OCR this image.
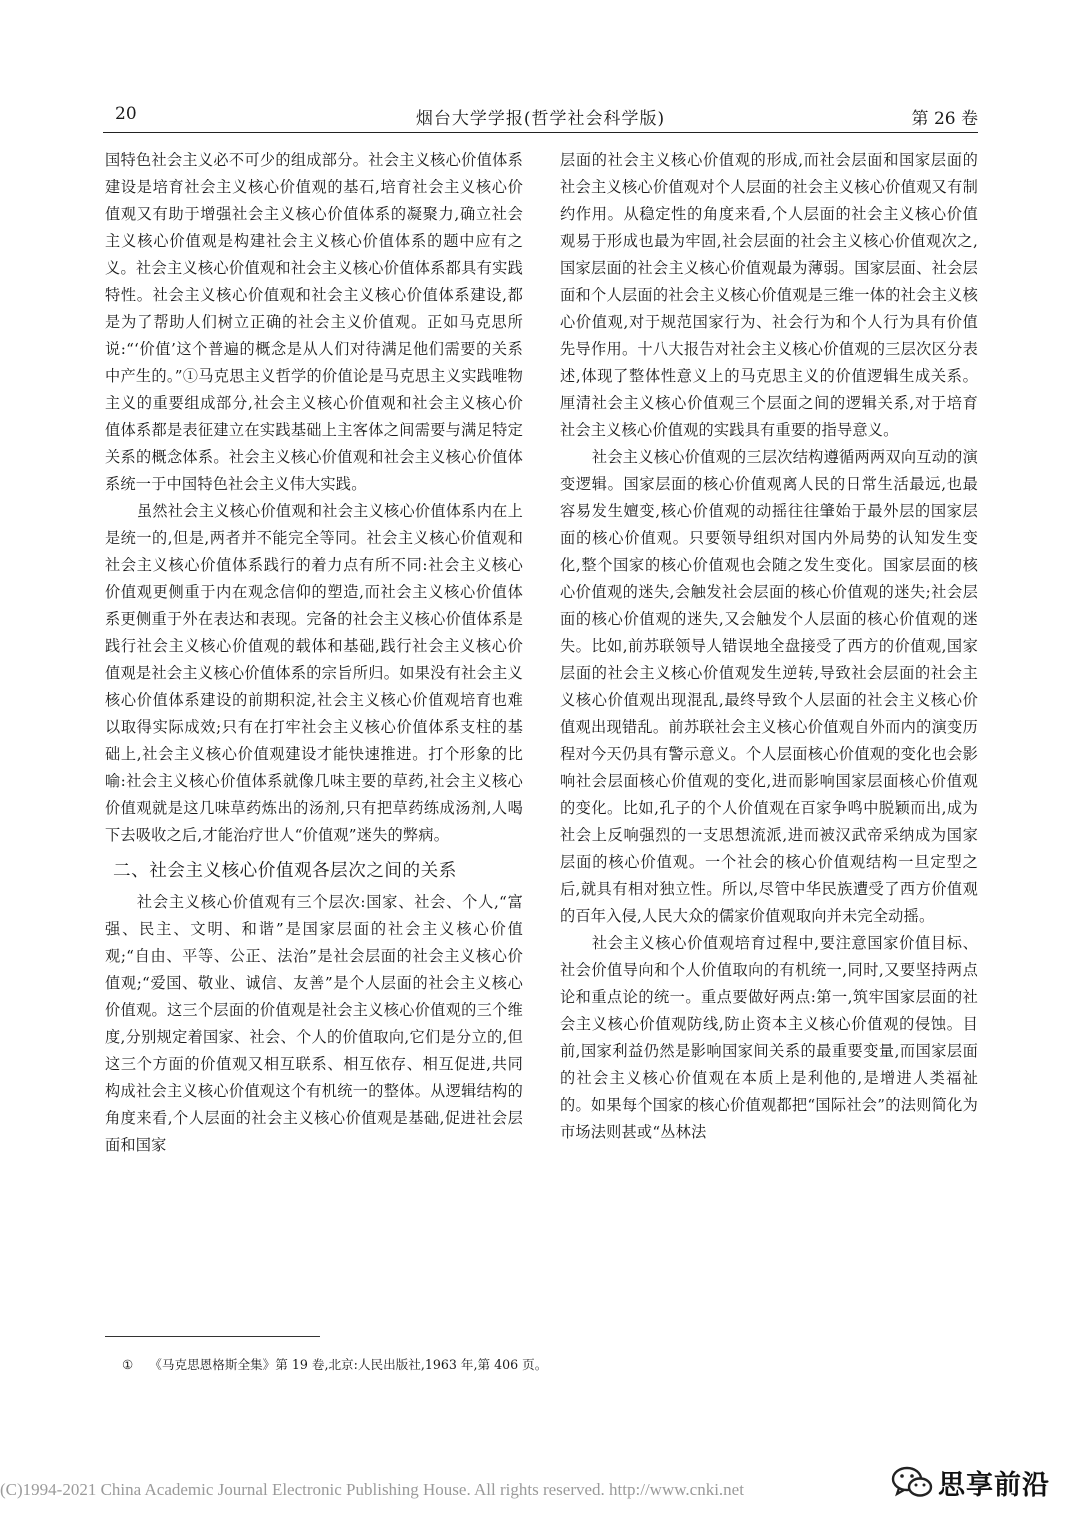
20	烟台大学学报(哲学社会科学版)	第 26 卷

国特色社会主义必不可少的组成部分。社会主义核心价值体系建设是培育社会主义核心价值观的基石,培育社会主义核心价值观又有助于增强社会主义核心价值体系的凝聚力,确立社会主义核心价值观是构建社会主义核心价值体系的题中应有之义。社会主义核心价值观和社会主义核心价值体系都具有实践特性。社会主义核心价值观和社会主义核心价值体系建设,都是为了帮助人们树立正确的社会主义价值观。正如马克思所说:“‘价值’这个普遍的概念是从人们对待满足他们需要的关系中产生的。”①马克思主义哲学的价值论是马克思主义实践唯物主义的重要组成部分,社会主义核心价值观和社会主义核心价值体系都是表征建立在实践基础上主客体之间需要与满足特定关系的概念体系。社会主义核心价值观和社会主义核心价值体系统一于中国特色社会主义伟大实践。

虽然社会主义核心价值观和社会主义核心价值体系内在上是统一的,但是,两者并不能完全等同。社会主义核心价值观和社会主义核心价值体系践行的着力点有所不同:社会主义核心价值观更侧重于内在观念信仰的塑造,而社会主义核心价值体系更侧重于外在表达和表现。完备的社会主义核心价值体系是践行社会主义核心价值观的载体和基础,践行社会主义核心价值观是社会主义核心价值体系的宗旨所归。如果没有社会主义核心价值体系建设的前期积淀,社会主义核心价值观培育也难以取得实际成效;只有在打牢社会主义核心价值体系支柱的基础上,社会主义核心价值观建设才能快速推进。打个形象的比喻:社会主义核心价值体系就像几味主要的草药,社会主义核心价值观就是这几味草药炼出的汤剂,只有把草药练成汤剂,人喝下去吸收之后,才能治疗世人“价值观”迷失的弊病。

二、社会主义核心价值观各层次之间的关系

社会主义核心价值观有三个层次:国家、社会、个人,“富强、民主、文明、和谐”是国家层面的社会主义核心价值观;“自由、平等、公正、法治”是社会层面的社会主义核心价值观;“爱国、敬业、诚信、友善”是个人层面的社会主义核心价值观。这三个层面的价值观是社会主义核心价值观的三个维度,分别规定着国家、社会、个人的价值取向,它们是分立的,但这三个方面的价值观又相互联系、相互依存、相互促进,共同构成社会主义核心价值观这个有机统一的整体。从逻辑结构的角度来看,个人层面的社会主义核心价值观是基础,促进社会层面和国家

层面的社会主义核心价值观的形成,而社会层面和国家层面的社会主义核心价值观对个人层面的社会主义核心价值观又有制约作用。从稳定性的角度来看,个人层面的社会主义核心价值观易于形成也最为牢固,社会层面的社会主义核心价值观次之,国家层面的社会主义核心价值观最为薄弱。国家层面、社会层面和个人层面的社会主义核心价值观是三维一体的社会主义核心价值观,对于规范国家行为、社会行为和个人行为具有价值先导作用。十八大报告对社会主义核心价值观的三层次区分表述,体现了整体性意义上的马克思主义的价值逻辑生成关系。厘清社会主义核心价值观三个层面之间的逻辑关系,对于培育社会主义核心价值观的实践具有重要的指导意义。

社会主义核心价值观的三层次结构遵循两两双向互动的演变逻辑。国家层面的核心价值观离人民的日常生活最远,也最容易发生嬗变,核心价值观的动摇往往肇始于最外层的国家层面的核心价值观。只要领导组织对国内外局势的认知发生变化,整个国家的核心价值观也会随之发生变化。国家层面的核心价值观的迷失,会触发社会层面的核心价值观的迷失;社会层面的核心价值观的迷失,又会触发个人层面的核心价值观的迷失。比如,前苏联领导人错误地全盘接受了西方的价值观,国家层面的社会主义核心价值观发生逆转,导致社会层面的社会主义核心价值观出现混乱,最终导致个人层面的社会主义核心价值观出现错乱。前苏联社会主义核心价值观自外而内的演变历程对今天仍具有警示意义。个人层面核心价值观的变化也会影响社会层面核心价值观的变化,进而影响国家层面核心价值观的变化。比如,孔子的个人价值观在百家争鸣中脱颖而出,成为社会上反响强烈的一支思想流派,进而被汉武帝采纳成为国家层面的核心价值观。一个社会的核心价值观结构一旦定型之后,就具有相对独立性。所以,尽管中华民族遭受了西方价值观的百年入侵,人民大众的儒家价值观取向并未完全动摇。

社会主义核心价值观培育过程中,要注意国家价值目标、社会价值导向和个人价值取向的有机统一,同时,又要坚持两点论和重点论的统一。重点要做好两点:第一,筑牢国家层面的社会主义核心价值观防线,防止资本主义核心价值观的侵蚀。目前,国家利益仍然是影响国家间关系的最重要变量,而国家层面的社会主义核心价值观在本质上是利他的,是增进人类福祉的。如果每个国家的核心价值观都把“国际社会”的法则简化为市场法则甚或“丛林法

① 《马克思恩格斯全集》第 19 卷,北京:人民出版社,1963 年,第 406 页。
(C)1994-2021 China Academic Journal Electronic Publishing House. All rights reserved. http://www.cnki.net	思享前沿
